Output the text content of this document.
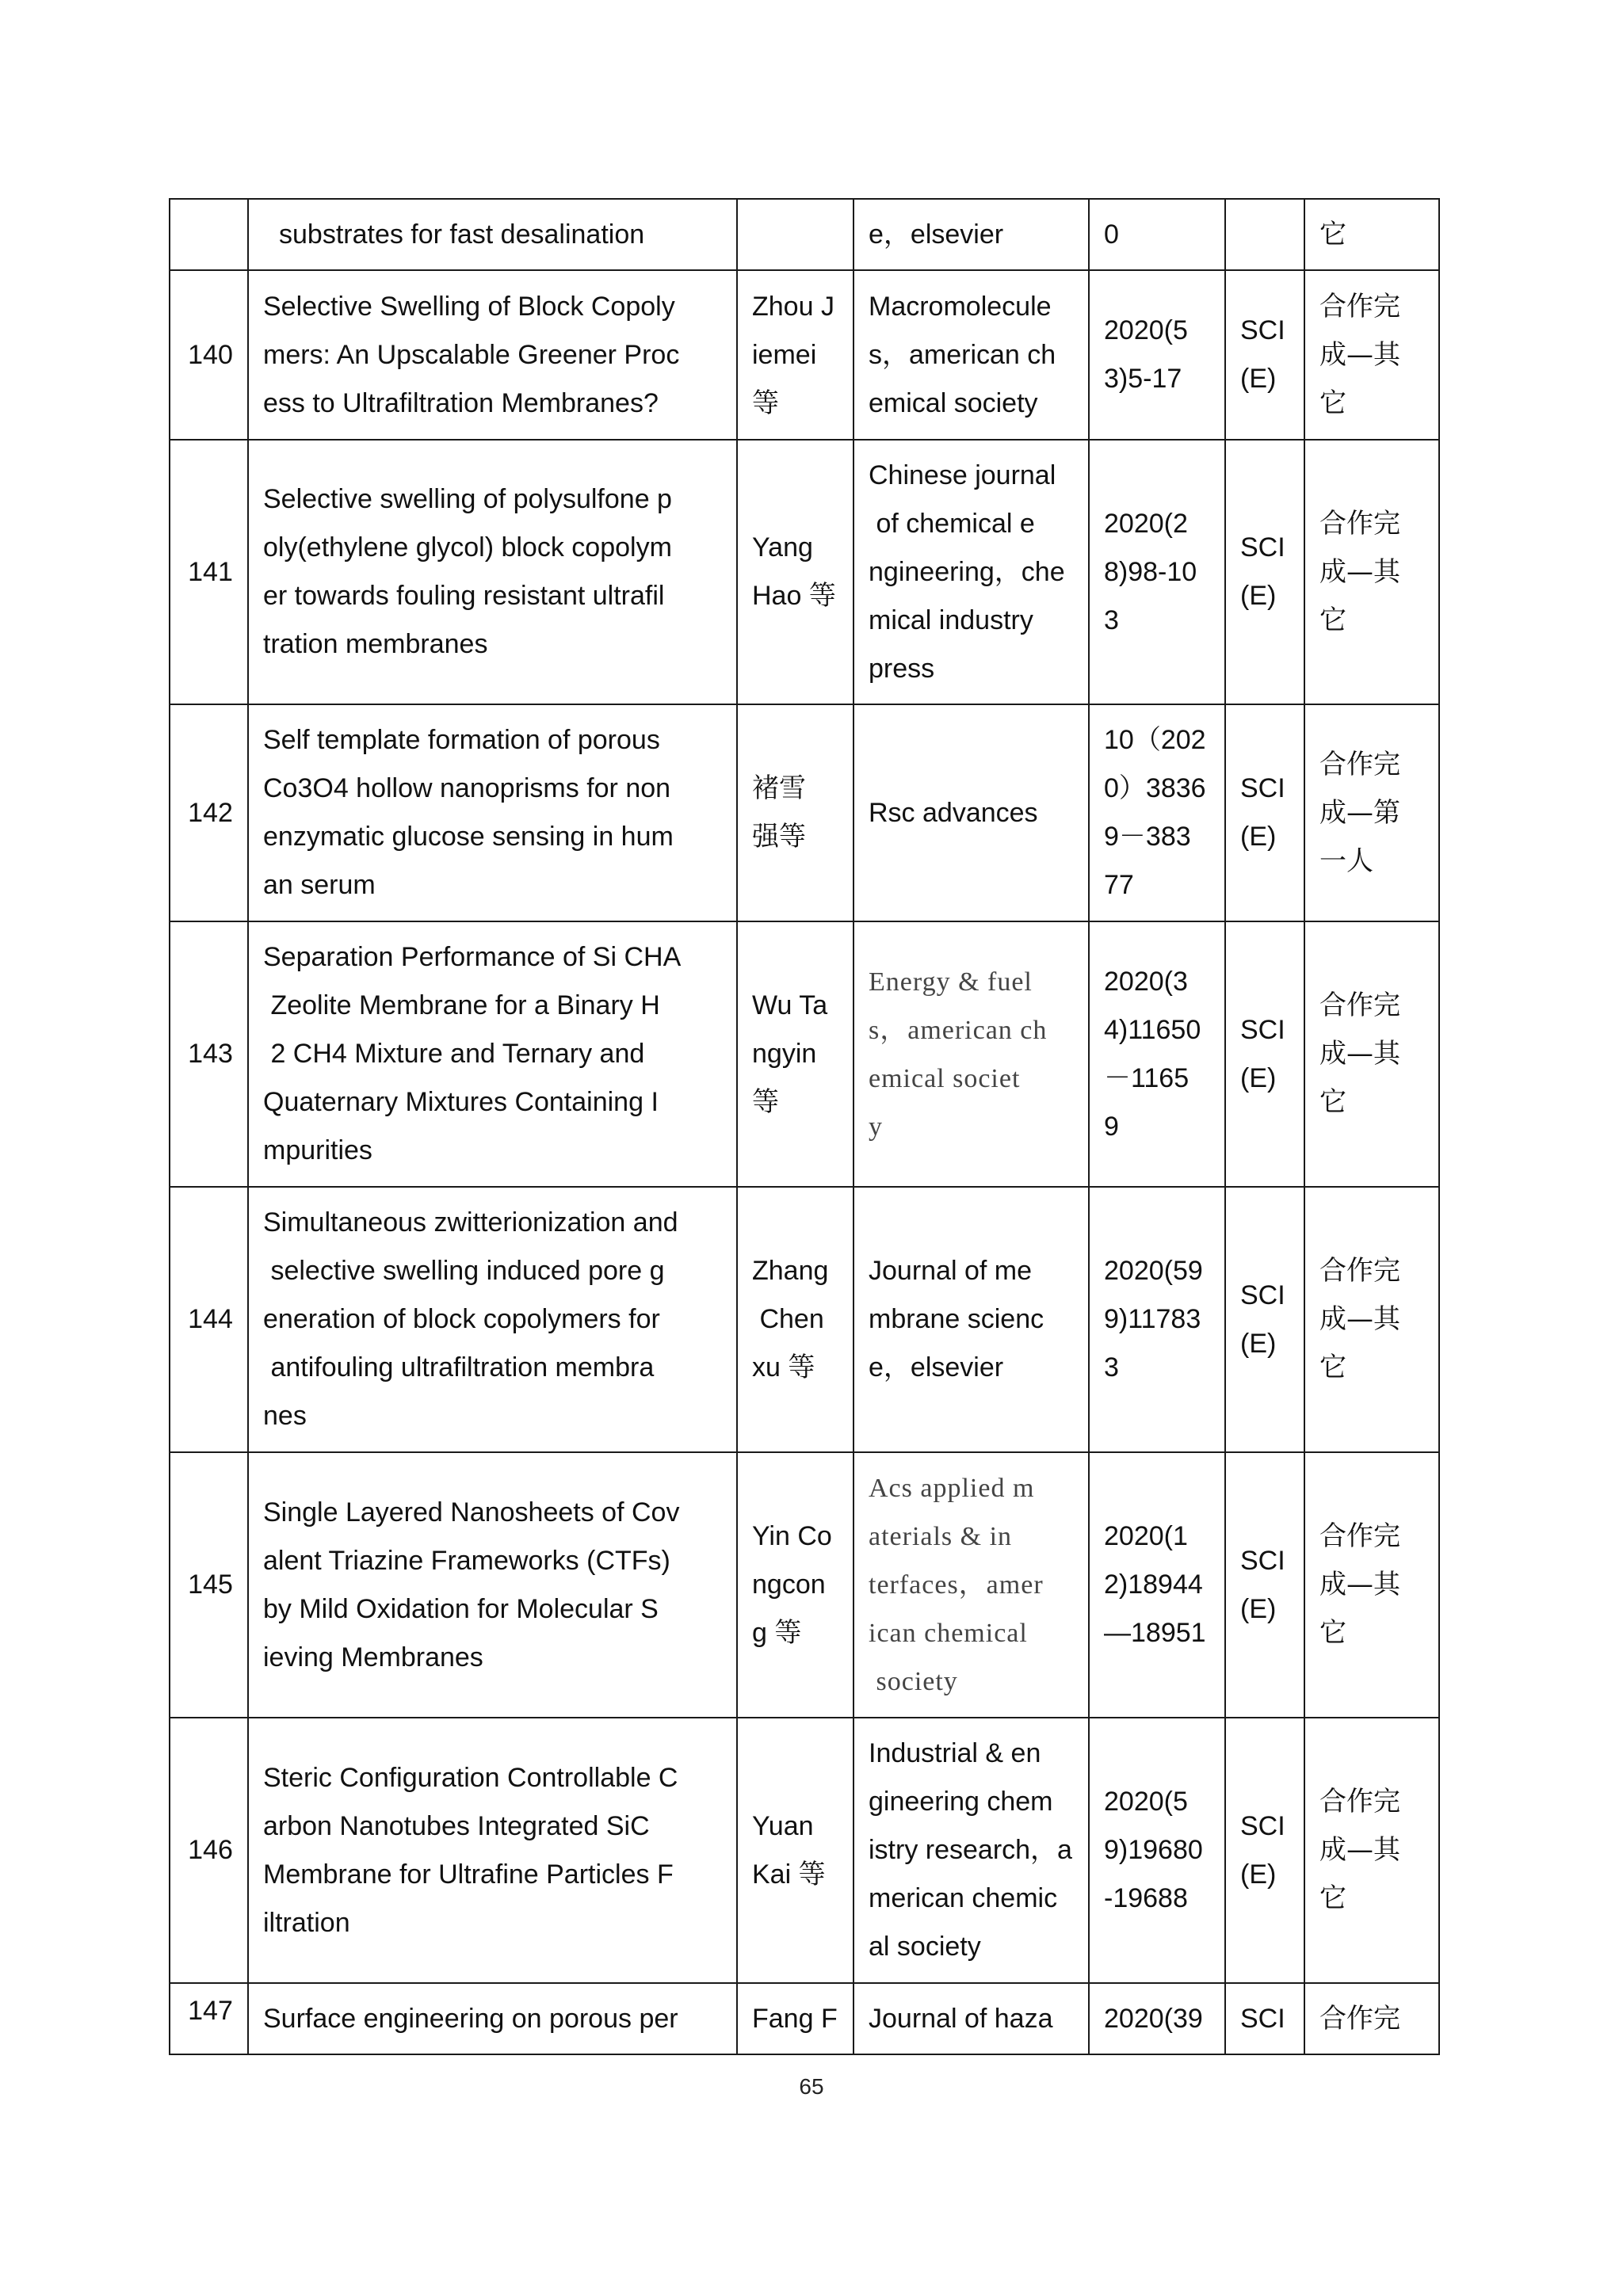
	substrates for fast desalination		e，elsevier	0		它
140	Selective Swelling of Block Copoly
mers: An Upscalable Greener Proc
ess to Ultrafiltration Membranes?	Zhou J
iemei
等	Macromolecule
s，american ch
emical society	2020(5
3)5-17	SCI
(E)	合作完
成—其
它
141	Selective swelling of polysulfone p
oly(ethylene glycol) block copolym
er towards fouling resistant ultrafil
tration membranes	Yang
Hao 等	Chinese journal
of chemical e
ngineering，che
mical industry
press	2020(2
8)98-10
3	SCI
(E)	合作完
成—其
它
142	Self template formation of porous
Co3O4 hollow nanoprisms for non
enzymatic glucose sensing in hum
an serum	褚雪
强等	Rsc advances	10（202
0）3836
9－383
77	SCI
(E)	合作完
成—第
一人
143	Separation Performance of Si CHA
Zeolite Membrane for a Binary H
2 CH4 Mixture and Ternary and
Quaternary Mixtures Containing I
mpurities	Wu Ta
ngyin
等	Energy & fuel
s，american ch
emical societ
y	2020(3
4)11650
－1165
9	SCI
(E)	合作完
成—其
它
144	Simultaneous zwitterionization and
selective swelling induced pore g
eneration of block copolymers for
antifouling ultrafiltration membra
nes	Zhang
Chen
xu 等	Journal of me
mbrane scienc
e，elsevier	2020(59
9)11783
3	SCI
(E)	合作完
成—其
它
145	Single Layered Nanosheets of Cov
alent Triazine Frameworks (CTFs)
by Mild Oxidation for Molecular S
ieving Membranes	Yin Co
ngcon
g 等	Acs applied m
aterials & in
terfaces，amer
ican chemical
society	2020(1
2)18944
—18951	SCI
(E)	合作完
成—其
它
146	Steric Configuration Controllable C
arbon Nanotubes Integrated SiC
Membrane for Ultrafine Particles F
iltration	Yuan
Kai 等	Industrial & en
gineering chem
istry research，a
merican chemic
al society	2020(5
9)19680
-19688	SCI
(E)	合作完
成—其
它
147	Surface engineering on porous per	Fang F	Journal of haza	2020(39	SCI	合作完
65
